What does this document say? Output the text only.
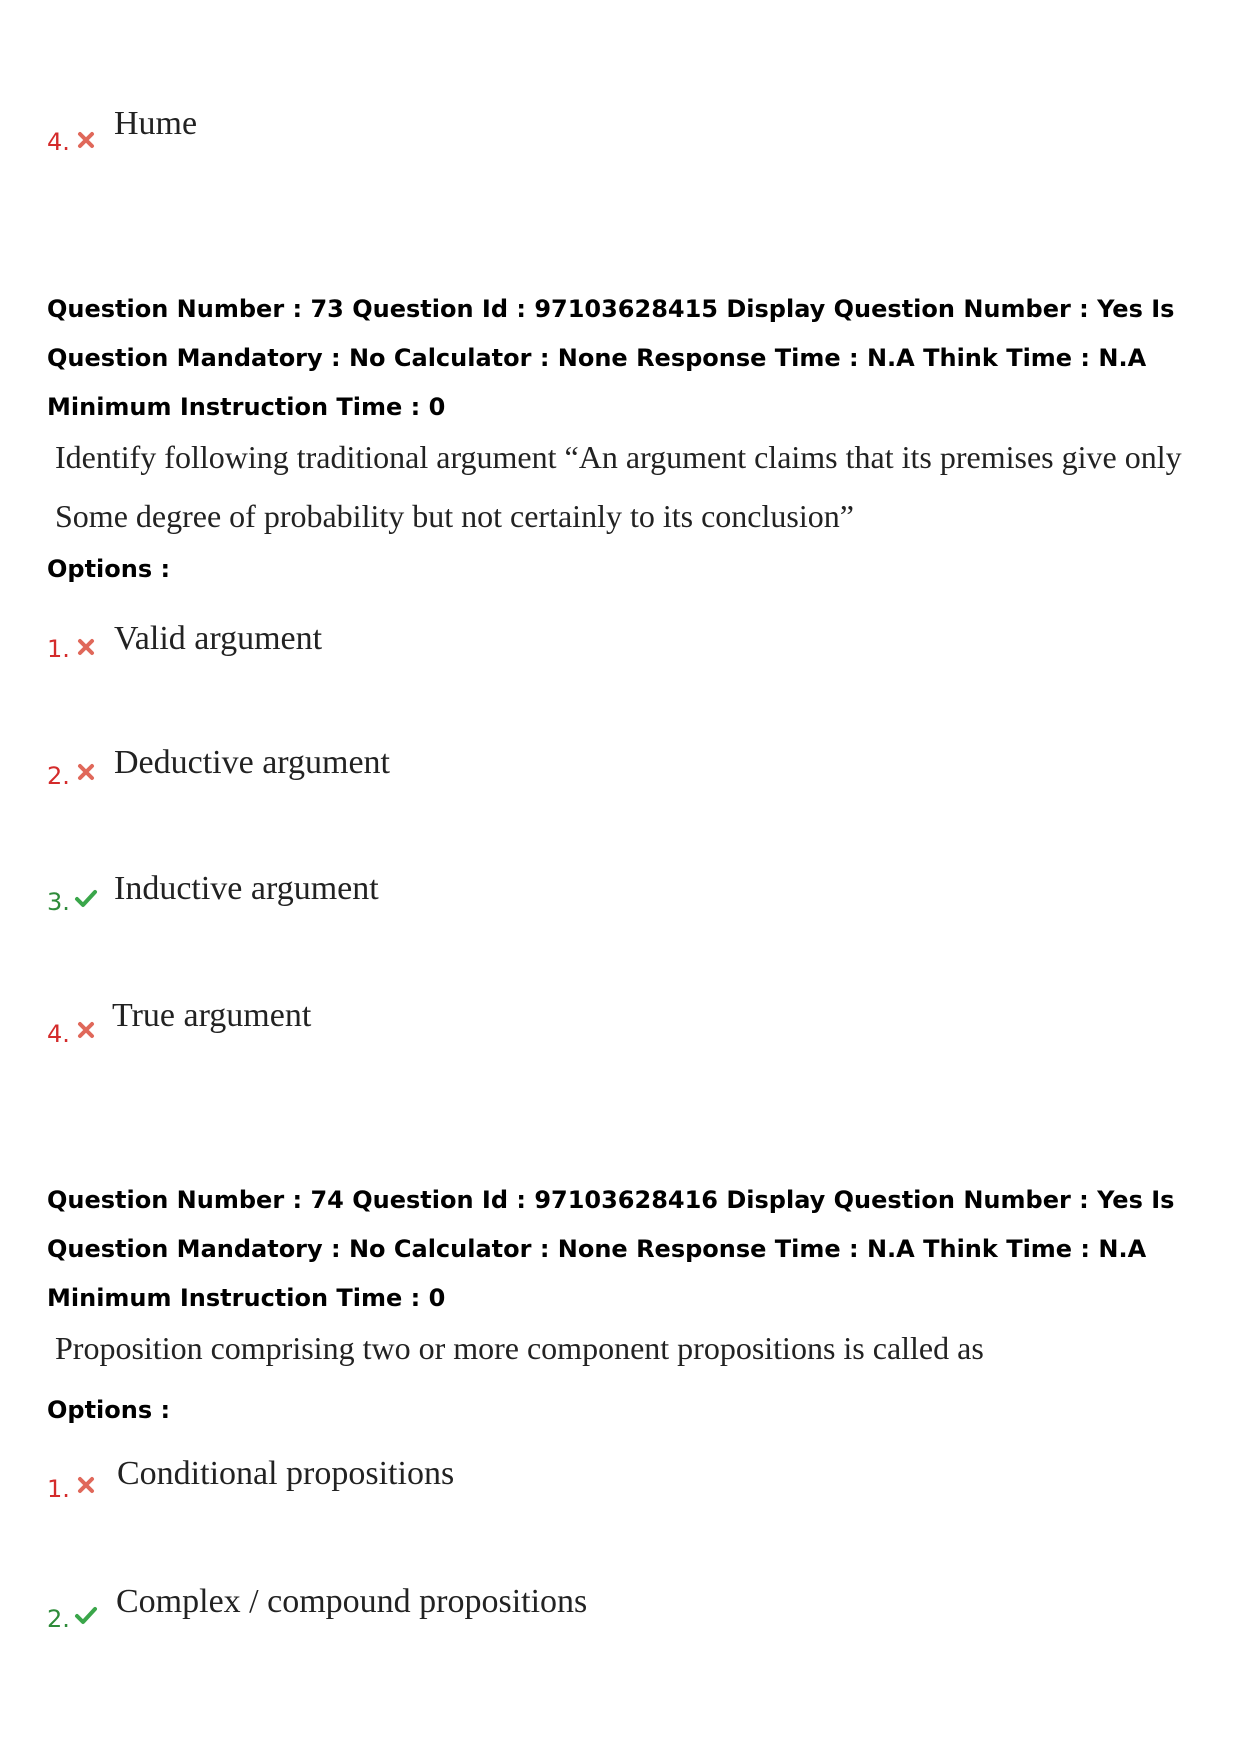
4. Hume
Question Number : 73 Question Id : 97103628415 Display Question Number : Yes Is Question Mandatory : No Calculator : None Response Time : N.A Think Time : N.A Minimum Instruction Time : 0
Identify following traditional argument “An argument claims that its premises give only
Some degree of probability but not certainly to its conclusion”
Options :
1. Valid argument
2. Deductive argument
3. Inductive argument
4. True argument
Question Number : 74 Question Id : 97103628416 Display Question Number : Yes Is Question Mandatory : No Calculator : None Response Time : N.A Think Time : N.A Minimum Instruction Time : 0
Proposition comprising two or more component propositions is called as
Options :
1. Conditional propositions
2. Complex / compound propositions
